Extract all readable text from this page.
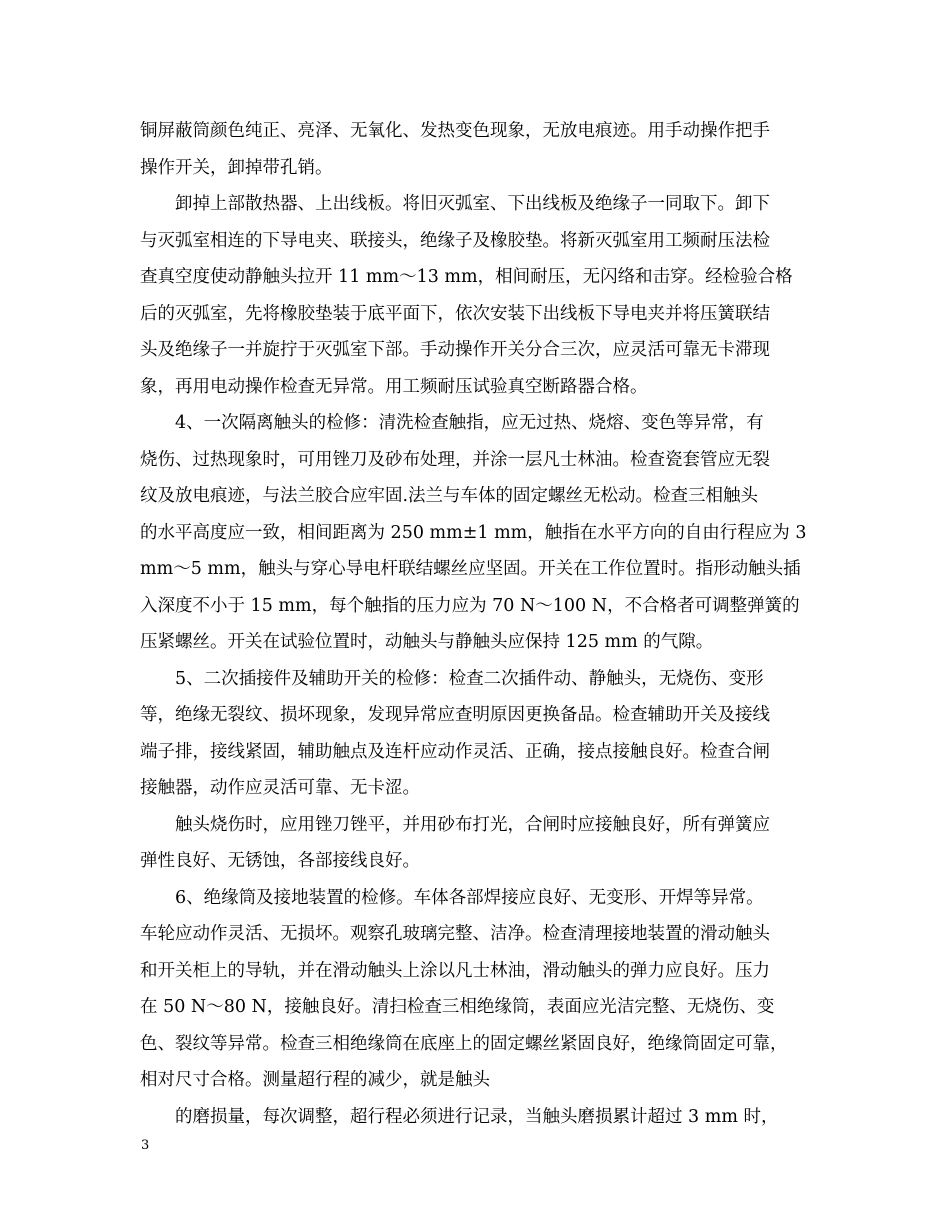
铜屏蔽筒颜色纯正、亮泽、无氧化、发热变色现象，无放电痕迹。用手动操作把手
操作开关，卸掉带孔销。
卸掉上部散热器、上出线板。将旧灭弧室、下出线板及绝缘子一同取下。卸下
与灭弧室相连的下导电夹、联接头，绝缘子及橡胶垫。将新灭弧室用工频耐压法检
查真空度使动静触头拉开 11 mm～13 mm，相间耐压，无闪络和击穿。经检验合格
后的灭弧室，先将橡胶垫装于底平面下，依次安装下出线板下导电夹并将压簧联结
头及绝缘子一并旋拧于灭弧室下部。手动操作开关分合三次，应灵活可靠无卡滞现
象，再用电动操作检查无异常。用工频耐压试验真空断路器合格。
4、一次隔离触头的检修：清洗检查触指，应无过热、烧熔、变色等异常，有
烧伤、过热现象时，可用锉刀及砂布处理，并涂一层凡士林油。检查瓷套管应无裂
纹及放电痕迹，与法兰胶合应牢固.法兰与车体的固定螺丝无松动。检查三相触头
的水平高度应一致，相间距离为 250 mm±1 mm，触指在水平方向的自由行程应为 3
mm～5 mm，触头与穿心导电杆联结螺丝应坚固。开关在工作位置时。指形动触头插
入深度不小于 15 mm，每个触指的压力应为 70 N～100 N，不合格者可调整弹簧的
压紧螺丝。开关在试验位置时，动触头与静触头应保持 125 mm 的气隙。
5、二次插接件及辅助开关的检修：检查二次插件动、静触头，无烧伤、变形
等，绝缘无裂纹、损坏现象，发现异常应查明原因更换备品。检查辅助开关及接线
端子排，接线紧固，辅助触点及连杆应动作灵活、正确，接点接触良好。检查合闸
接触器，动作应灵活可靠、无卡涩。
触头烧伤时，应用锉刀锉平，并用砂布打光，合闸时应接触良好，所有弹簧应
弹性良好、无锈蚀，各部接线良好。
6、绝缘筒及接地装置的检修。车体各部焊接应良好、无变形、开焊等异常。
车轮应动作灵活、无损坏。观察孔玻璃完整、洁净。检查清理接地装置的滑动触头
和开关柜上的导轨，并在滑动触头上涂以凡士林油，滑动触头的弹力应良好。压力
在 50 N～80 N，接触良好。清扫检查三相绝缘筒，表面应光洁完整、无烧伤、变
色、裂纹等异常。检查三相绝缘筒在底座上的固定螺丝紧固良好，绝缘筒固定可靠，
相对尺寸合格。测量超行程的减少，就是触头
的磨损量，每次调整，超行程必须进行记录，当触头磨损累计超过 3 mm 时，
3
